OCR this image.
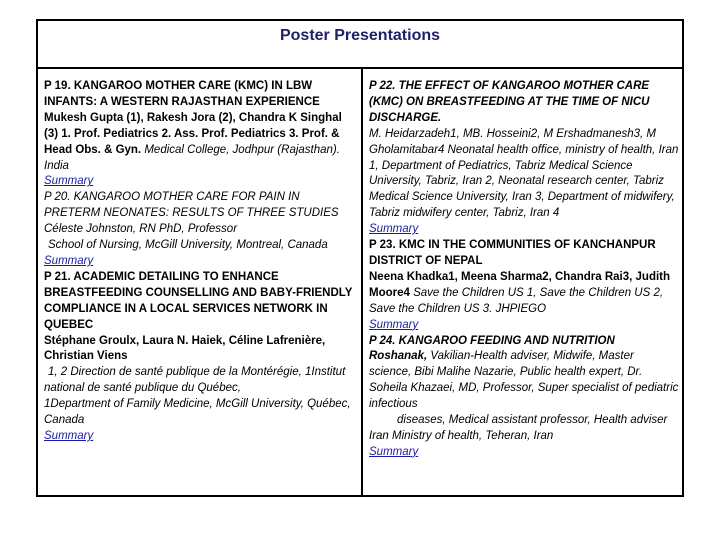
Poster Presentations
P 19. KANGAROO MOTHER CARE (KMC) IN LBW INFANTS: A WESTERN RAJASTHAN EXPERIENCE
Mukesh Gupta (1), Rakesh Jora (2), Chandra K Singhal (3) 1. Prof. Pediatrics 2. Ass. Prof. Pediatrics 3. Prof. & Head Obs. & Gyn. Medical College, Jodhpur (Rajasthan). India
Summary
P 20. KANGAROO MOTHER CARE FOR PAIN IN PRETERM NEONATES: RESULTS OF THREE STUDIES
Céleste Johnston, RN PhD, Professor
School of Nursing, McGill University, Montreal, Canada
Summary
P 21. ACADEMIC DETAILING TO ENHANCE BREASTFEEDING COUNSELLING AND BABY-FRIENDLY COMPLIANCE IN A LOCAL SERVICES NETWORK IN QUEBEC
Stéphane Groulx, Laura N. Haiek, Céline Lafrenière, Christian Viens
1, 2 Direction de santé publique de la Montérégie, 1Institut national de santé publique du Québec,
1Department of Family Medicine, McGill University, Québec, Canada
Summary
P 22. THE EFFECT OF KANGAROO MOTHER CARE (KMC) ON BREASTFEEDING AT THE TIME OF NICU DISCHARGE.
M. Heidarzadeh1, MB. Hosseini2, M Ershadmanesh3, M Gholamitabar4 Neonatal health office, ministry of health, Iran 1, Department of Pediatrics, Tabriz Medical Science University, Tabriz, Iran 2, Neonatal research center, Tabriz Medical Science University, Iran 3, Department of midwifery, Tabriz midwifery center, Tabriz, Iran 4
Summary
P 23. KMC IN THE COMMUNITIES OF KANCHANPUR DISTRICT OF NEPAL
Neena Khadka1, Meena Sharma2, Chandra Rai3, Judith Moore4 Save the Children US 1, Save the Children US 2, Save the Children US 3. JHPIEGO
Summary
P 24. KANGAROO FEEDING AND NUTRITION
Roshanak, Vakilian-Health adviser, Midwife, Master science, Bibi Malihe Nazarie, Public health expert, Dr. Soheila Khazaei, MD, Professor, Super specialist of pediatric infectious
diseases, Medical assistant professor, Health adviser Iran Ministry of health, Teheran, Iran
Summary
